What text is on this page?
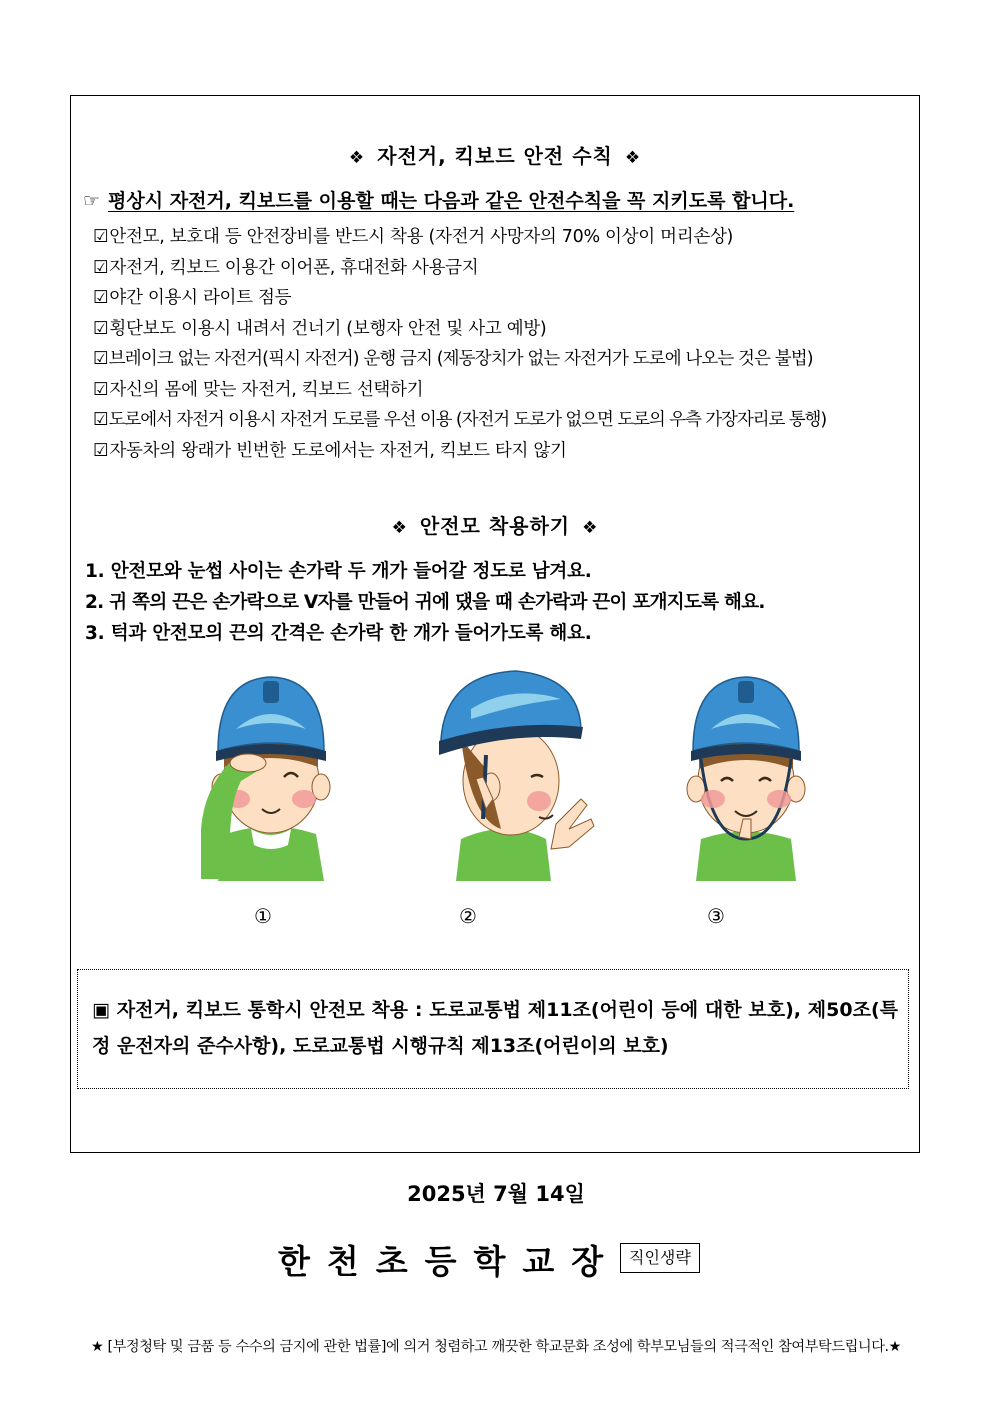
❖ 자전거, 킥보드 안전 수칙 ❖
☞ 평상시 자전거, 킥보드를 이용할 때는 다음과 같은 안전수칙을 꼭 지키도록 합니다.
☑안전모, 보호대 등 안전장비를 반드시 착용 (자전거 사망자의 70% 이상이 머리손상)
☑자전거, 킥보드 이용간 이어폰, 휴대전화 사용금지
☑야간 이용시 라이트 점등
☑횡단보도 이용시 내려서 건너기 (보행자 안전 및 사고 예방)
☑브레이크 없는 자전거(픽시 자전거) 운행 금지 (제동장치가 없는 자전거가 도로에 나오는 것은 불법)
☑자신의 몸에 맞는 자전거, 킥보드 선택하기
☑도로에서 자전거 이용시 자전거 도로를 우선 이용 (자전거 도로가 없으면 도로의 우측 가장자리로 통행)
☑자동차의 왕래가 빈번한 도로에서는 자전거, 킥보드 타지 않기
❖ 안전모 착용하기 ❖
1. 안전모와 눈썹 사이는 손가락 두 개가 들어갈 정도로 남겨요.
2. 귀 쪽의 끈은 손가락으로 V자를 만들어 귀에 댔을 때 손가락과 끈이 포개지도록 해요.
3. 턱과 안전모의 끈의 간격은 손가락 한 개가 들어가도록 해요.
①	②	③
▣ 자전거, 킥보드 통학시 안전모 착용 : 도로교통법 제11조(어린이 등에 대한 보호), 제50조(특정 운전자의 준수사항), 도로교통법 시행규칙 제13조(어린이의 보호)
2025년 7월 14일
한천초등학교장 직인생략
★ [부정청탁 및 금품 등 수수의 금지에 관한 법률]에 의거 청렴하고 깨끗한 학교문화 조성에 학부모님들의 적극적인 참여부탁드립니다.★
